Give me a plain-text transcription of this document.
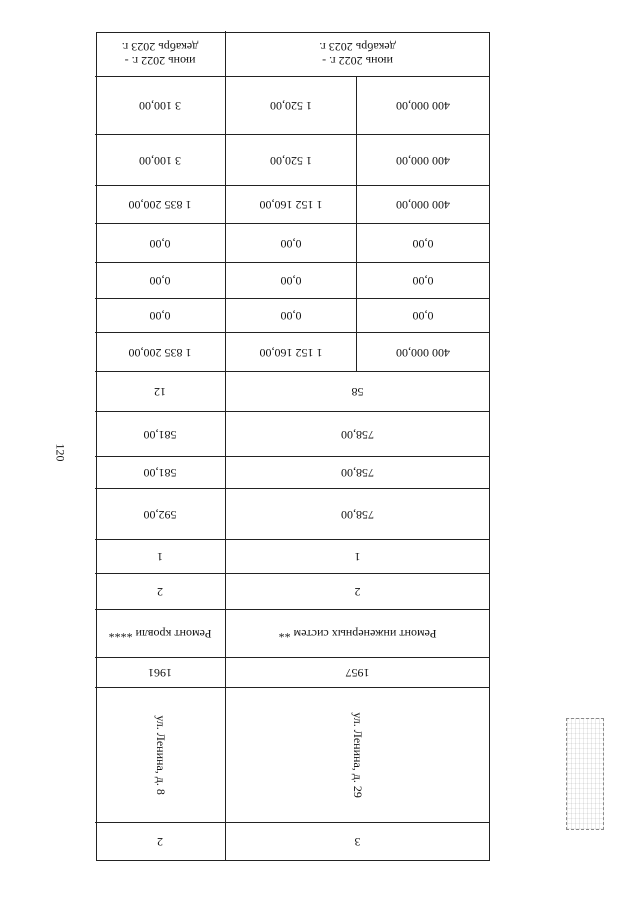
120
3
2
ул. Ленина, д. 29
ул. Ленина, д. 8
1957
1961
Ремонт инженерных систем **
Ремонт кровли ****
2
2
1
1
758,00
592,00
758,00
581,00
758,00
581,00
58
12
400 000,00
1 152 160,00
1 835 200,00
0,00
0,00
0,00
0,00
0,00
0,00
0,00
0,00
0,00
400 000,00
1 152 160,00
1 835 200,00
400 000,00
1 520,00
3 100,00
400 000,00
1 520,00
3 100,00
июнь 2022 г. -
декабрь 2023 г.
июнь 2022 г. -
декабрь 2023 г.
